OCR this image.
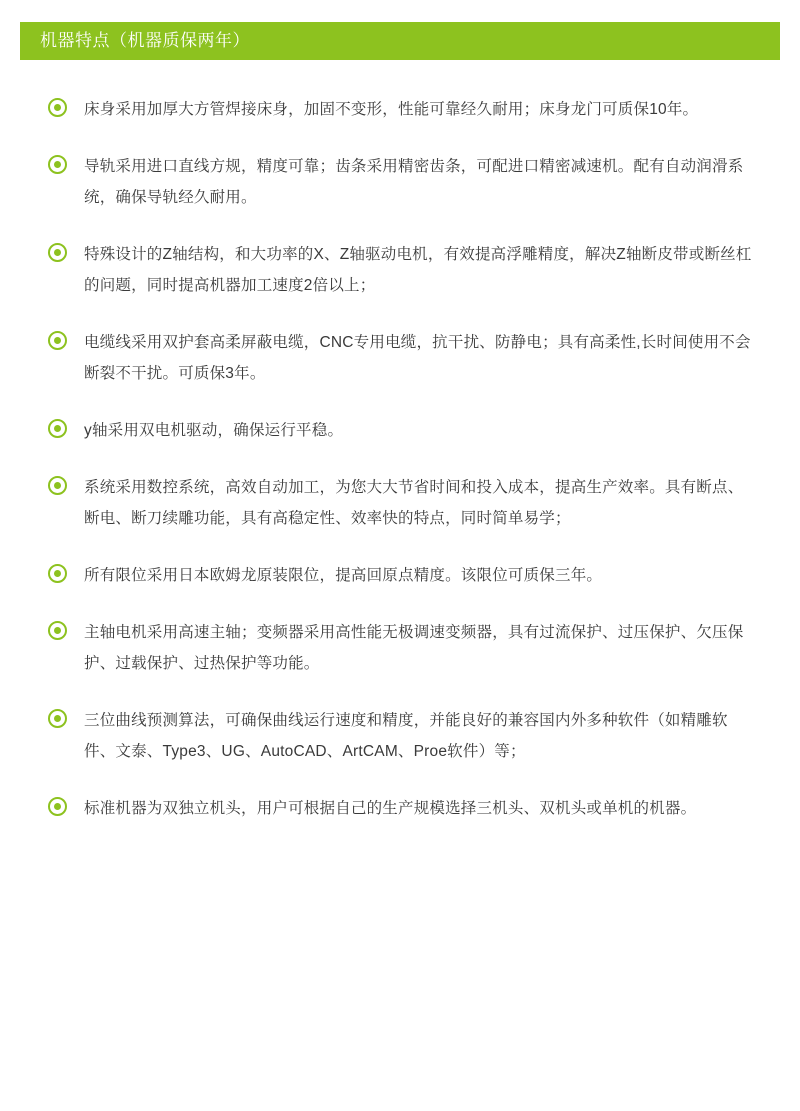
机器特点（机器质保两年）
床身采用加厚大方管焊接床身，加固不变形，性能可靠经久耐用；床身龙门可质保10年。
导轨采用进口直线方规，精度可靠；齿条采用精密齿条，可配进口精密减速机。配有自动润滑系统，确保导轨经久耐用。
特殊设计的Z轴结构，和大功率的X、Z轴驱动电机，有效提高浮雕精度，解决Z轴断皮带或断丝杠的问题，同时提高机器加工速度2倍以上；
电缆线采用双护套高柔屏蔽电缆，CNC专用电缆，抗干扰、防静电；具有高柔性,长时间使用不会断裂不干扰。可质保3年。
y轴采用双电机驱动，确保运行平稳。
系统采用数控系统，高效自动加工，为您大大节省时间和投入成本，提高生产效率。具有断点、断电、断刀续雕功能，具有高稳定性、效率快的特点，同时简单易学；
所有限位采用日本欧姆龙原装限位，提高回原点精度。该限位可质保三年。
主轴电机采用高速主轴；变频器采用高性能无极调速变频器，具有过流保护、过压保护、欠压保护、过载保护、过热保护等功能。
三位曲线预测算法，可确保曲线运行速度和精度，并能良好的兼容国内外多种软件（如精雕软件、文泰、Type3、UG、AutoCAD、ArtCAM、Proe软件）等；
标准机器为双独立机头，用户可根据自己的生产规模选择三机头、双机头或单机的机器。
